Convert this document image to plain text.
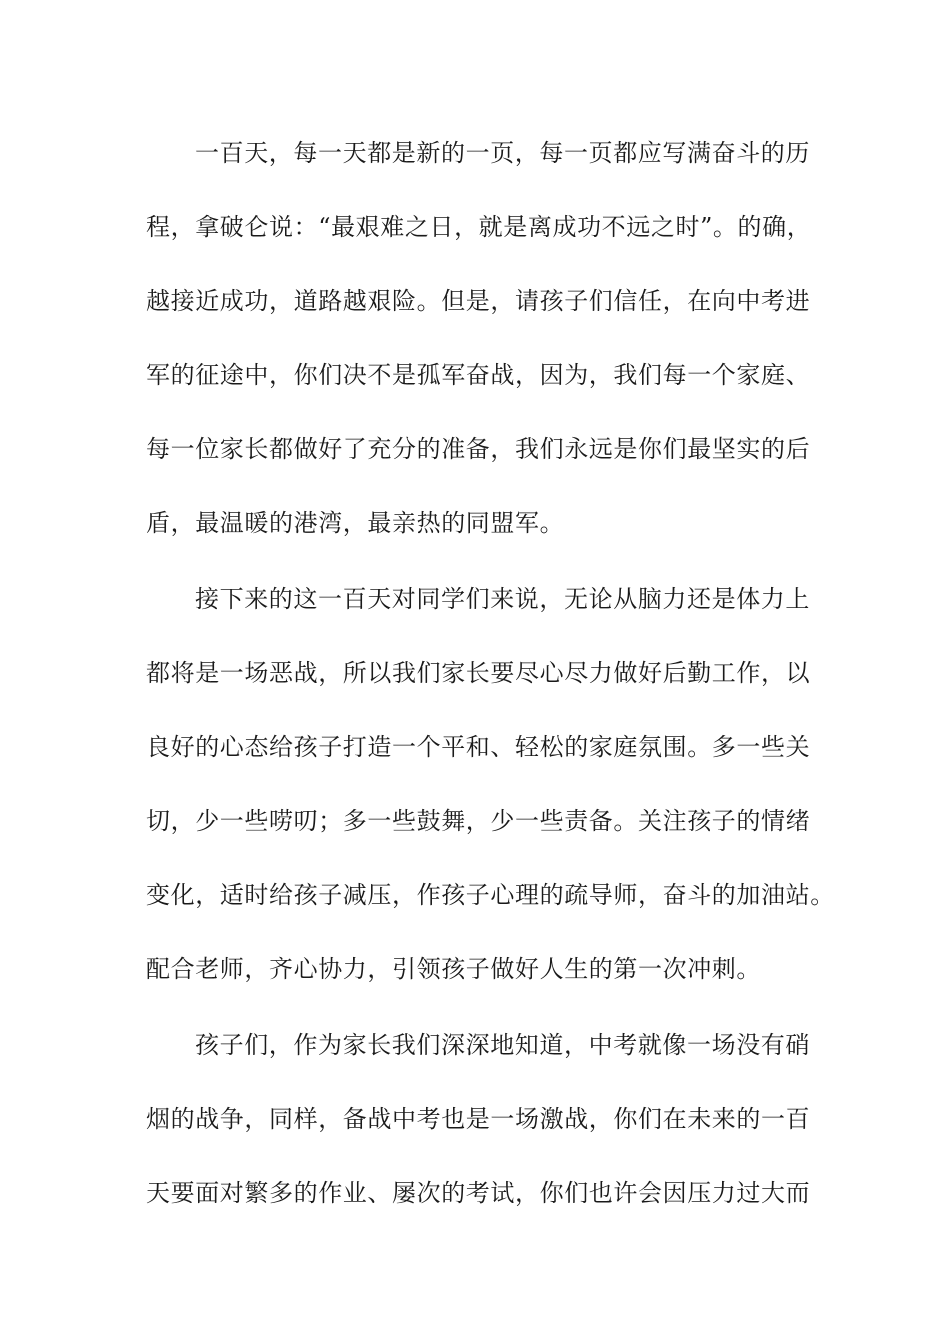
一百天，每一天都是新的一页，每一页都应写满奋斗的历
程，拿破仑说：“最艰难之日，就是离成功不远之时”。的确，
越接近成功，道路越艰险。但是，请孩子们信任，在向中考进
军的征途中，你们决不是孤军奋战，因为，我们每一个家庭、
每一位家长都做好了充分的准备，我们永远是你们最坚实的后
盾，最温暖的港湾，最亲热的同盟军。
接下来的这一百天对同学们来说，无论从脑力还是体力上
都将是一场恶战，所以我们家长要尽心尽力做好后勤工作，以
良好的心态给孩子打造一个平和、轻松的家庭氛围。多一些关
切，少一些唠叨；多一些鼓舞，少一些责备。关注孩子的情绪
变化，适时给孩子减压，作孩子心理的疏导师，奋斗的加油站。
配合老师，齐心协力，引领孩子做好人生的第一次冲刺。
孩子们，作为家长我们深深地知道，中考就像一场没有硝
烟的战争，同样，备战中考也是一场激战，你们在未来的一百
天要面对繁多的作业、屡次的考试，你们也许会因压力过大而
